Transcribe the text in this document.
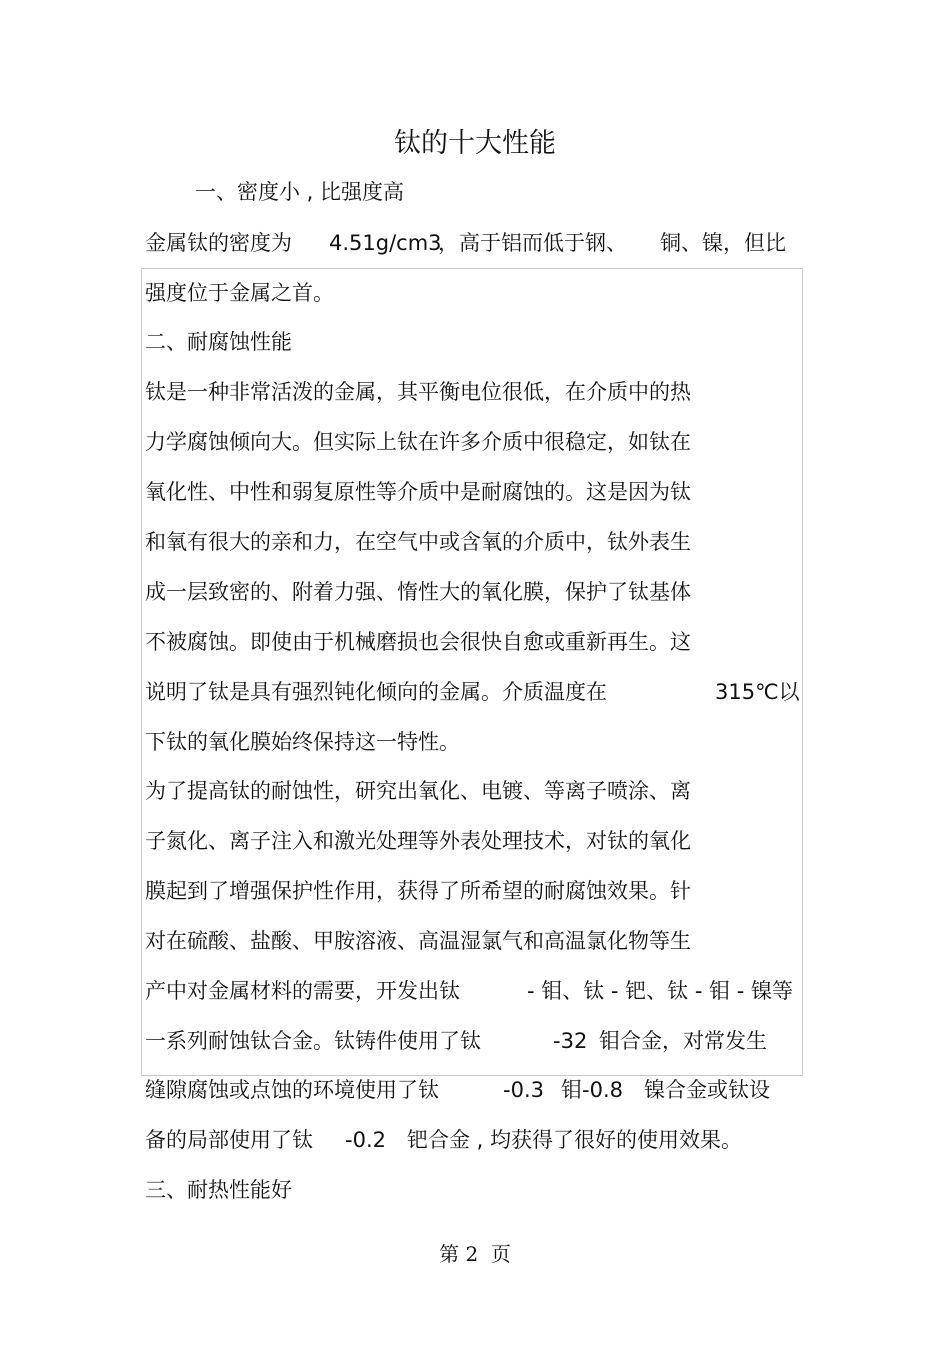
钛的十大性能
一、密度小 , 比强度高

金属钛的密度为

4.51g/cm3

，高于铝而低于钢、

铜、镍，但比

强度位于金属之首。
二、耐腐蚀性能
钛是一种非常活泼的金属，其平衡电位很低，在介质中的热
力学腐蚀倾向大。但实际上钛在许多介质中很稳定，如钛在
氧化性、中性和弱复原性等介质中是耐腐蚀的。这是因为钛
和氧有很大的亲和力，在空气中或含氧的介质中，钛外表生
成一层致密的、附着力强、惰性大的氧化膜，保护了钛基体
不被腐蚀。即使由于机械磨损也会很快自愈或重新再生。这

说明了钛是具有强烈钝化倾向的金属。介质温度在

	315℃以

下钛的氧化膜始终保持这一特性。
为了提高钛的耐蚀性，研究出氧化、电镀、等离子喷涂、离
子氮化、离子注入和激光处理等外表处理技术，对钛的氧化
膜起到了增强保护性作用，获得了所希望的耐腐蚀效果。针
对在硫酸、盐酸、甲胺溶液、高温湿氯气和高温氯化物等生

产中对金属材料的需要，开发出钛

	- 钼、钛 - 钯、钛 - 钼 - 镍等

一系列耐蚀钛合金。钛铸件使用了钛

	-32

钼合金，对常发生

缝隙腐蚀或点蚀的环境使用了钛

	-0.3

钼-0.8

镍合金或钛设

备的局部使用了钛

-0.2

钯合金 , 均获得了很好的使用效果。

三、耐热性能好
第 2 页
